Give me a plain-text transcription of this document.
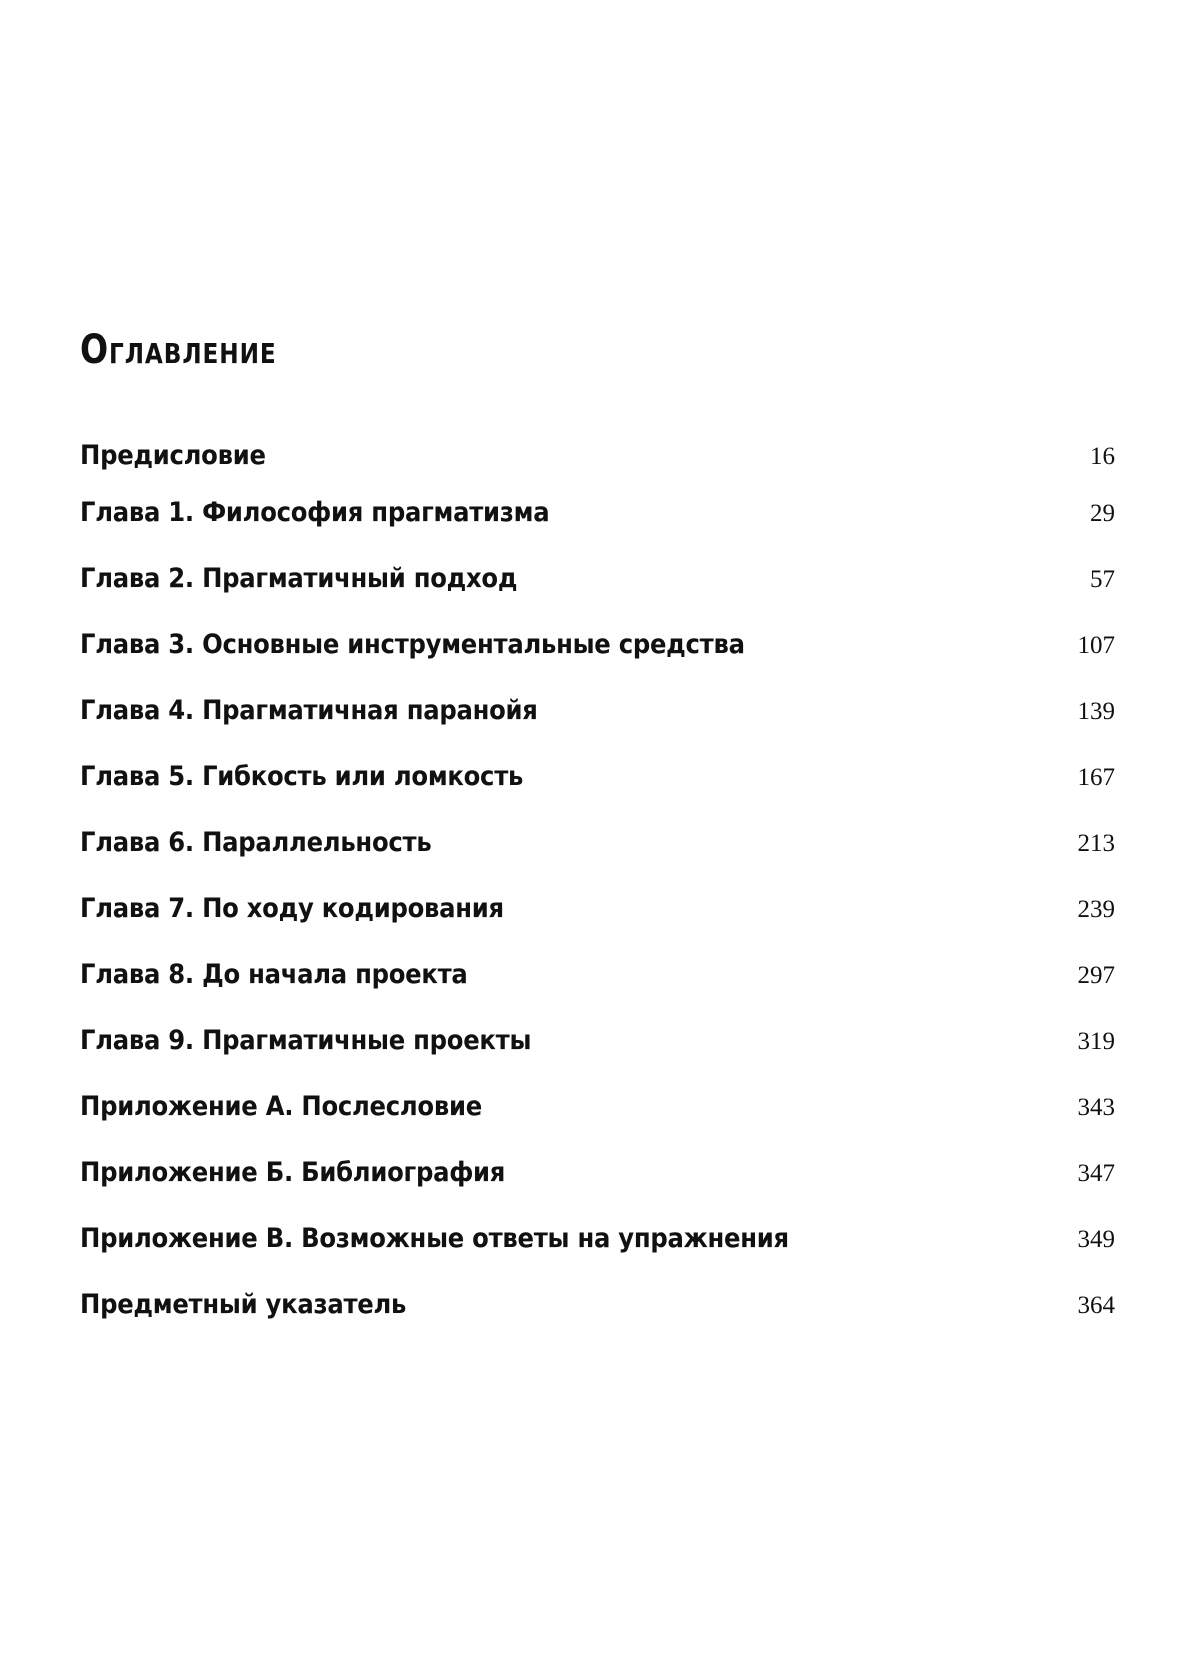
Оглавление
Предисловие	16
Глава 1. Философия прагматизма	29
Глава 2. Прагматичный подход	57
Глава 3. Основные инструментальные средства	107
Глава 4. Прагматичная паранойя	139
Глава 5. Гибкость или ломкость	167
Глава 6. Параллельность	213
Глава 7. По ходу кодирования	239
Глава 8. До начала проекта	297
Глава 9. Прагматичные проекты	319
Приложение А. Послесловие	343
Приложение Б. Библиография	347
Приложение В. Возможные ответы на упражнения	349
Предметный указатель	364
